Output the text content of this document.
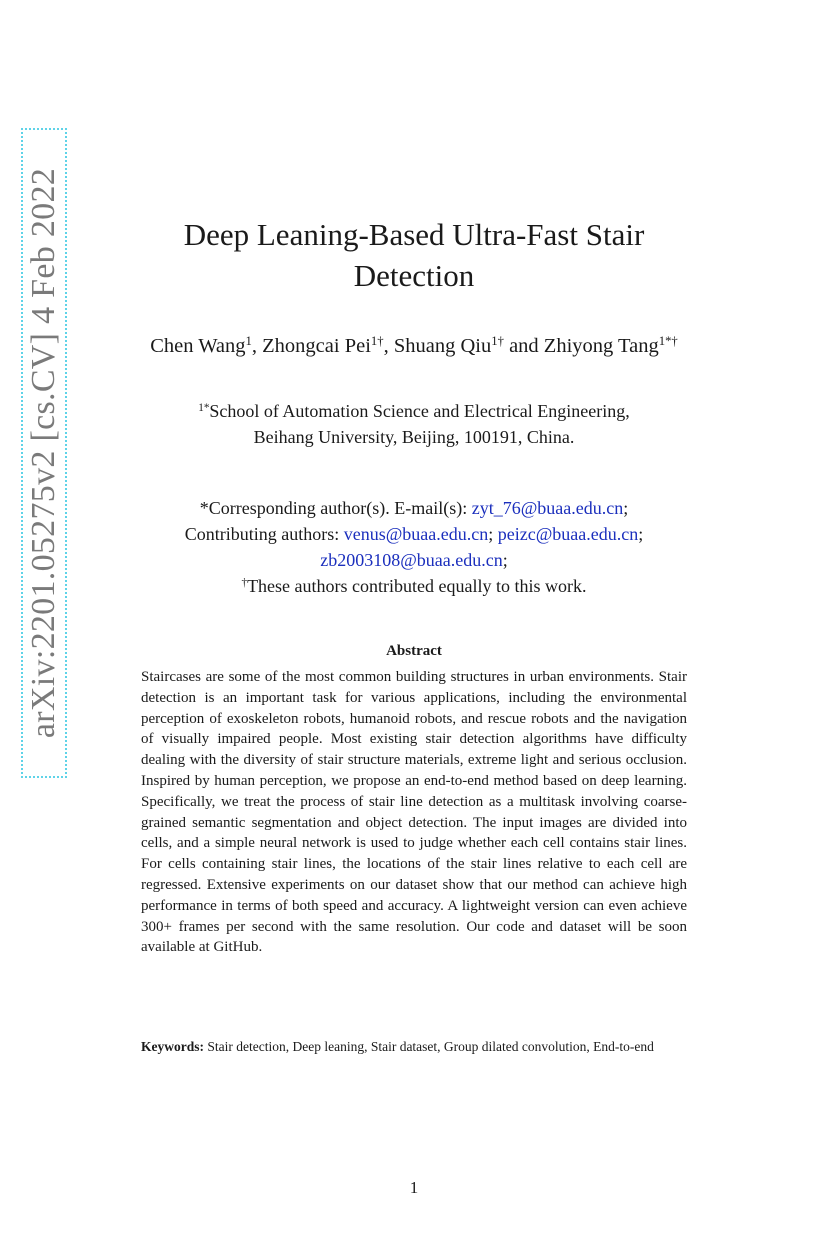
arXiv:2201.05275v2 [cs.CV] 4 Feb 2022	Deep Leaning-Based Ultra-Fast Stair
Detection
Chen Wang$^1$, Zhongcai Pei$^{1\dagger}$, Shuang Qiu$^{1\dagger}$ and Zhiyong Tang$^{1*\dagger}$
$^{1*}$School of Automation Science and Electrical Engineering,
Beihang University, Beijing, 100191, China.
*Corresponding author(s). E-mail(s): zyt_76@buaa.edu.cn;
Contributing authors: venus@buaa.edu.cn; peizc@buaa.edu.cn;
zb2003108@buaa.edu.cn;
†These authors contributed equally to this work.
Abstract
Staircases are some of the most common building structures in urban environments. Stair detection is an important task for various applications, including the environmental perception of exoskeleton robots, humanoid robots, and rescue robots and the navigation of visually impaired people. Most existing stair detection algorithms have difficulty dealing with the diversity of stair structure materials, extreme light and serious occlusion. Inspired by human perception, we propose an end-to-end method based on deep learning. Specifically, we treat the process of stair line detection as a multitask involving coarse-grained semantic segmentation and object detection. The input images are divided into cells, and a simple neural network is used to judge whether each cell contains stair lines. For cells containing stair lines, the locations of the stair lines relative to each cell are regressed. Extensive experiments on our dataset show that our method can achieve high performance in terms of both speed and accuracy. A lightweight version can even achieve 300+ frames per second with the same resolution. Our code and dataset will be soon available at GitHub.
Keywords: Stair detection, Deep leaning, Stair dataset, Group dilated convolution, End-to-end
1
